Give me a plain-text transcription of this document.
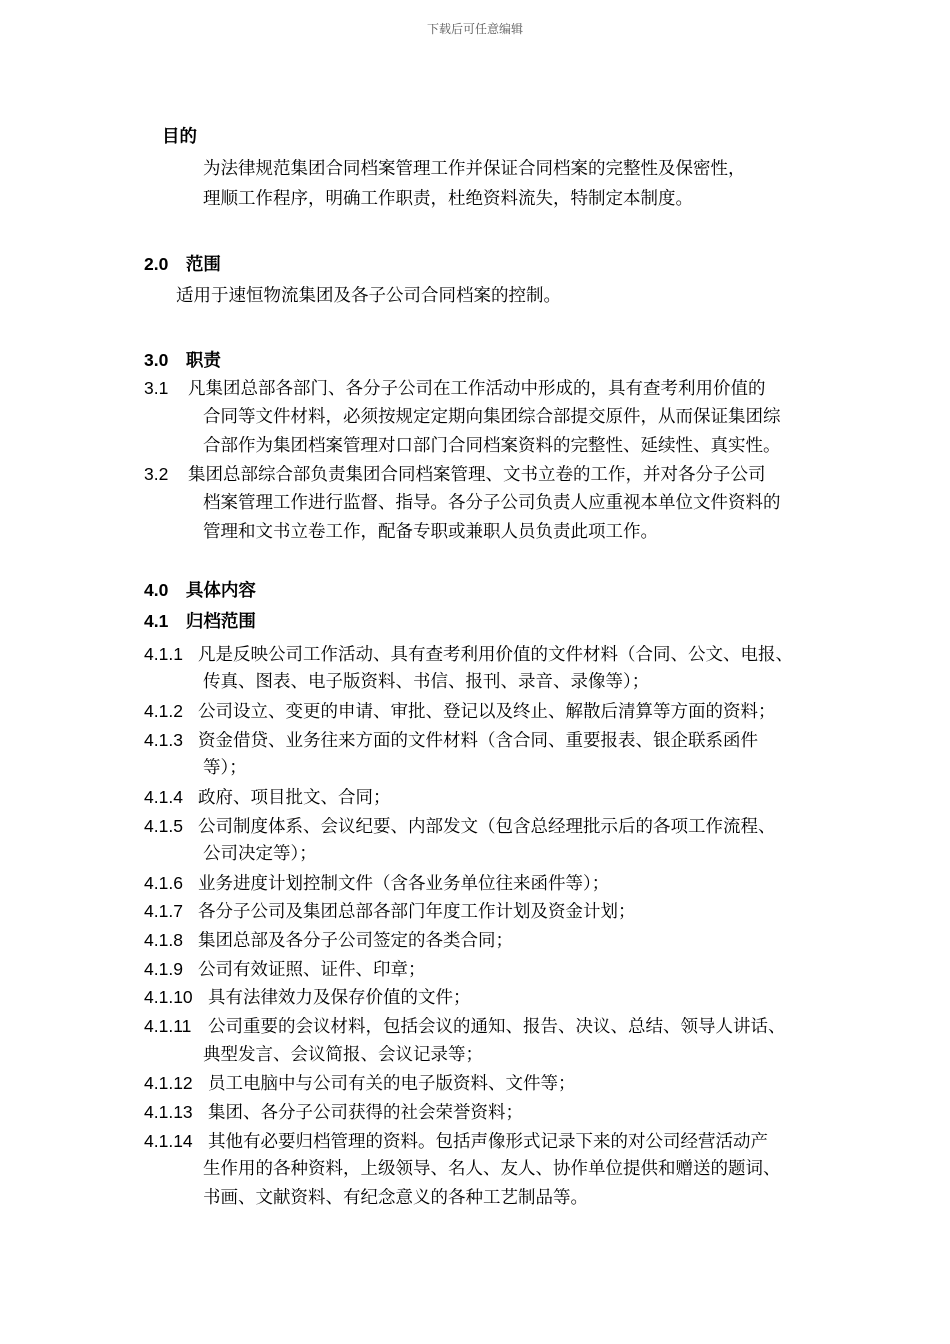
下载后可任意编辑
目的
为法律规范集团合同档案管理工作并保证合同档案的完整性及保密性，
理顺工作程序，明确工作职责，杜绝资料流失，特制定本制度。
2.0 范围
适用于速恒物流集团及各子公司合同档案的控制。
3.0 职责
3.1 凡集团总部各部门、各分子公司在工作活动中形成的，具有查考利用价值的
合同等文件材料，必须按规定定期向集团综合部提交原件，从而保证集团综
合部作为集团档案管理对口部门合同档案资料的完整性、延续性、真实性。
3.2 集团总部综合部负责集团合同档案管理、文书立卷的工作，并对各分子公司
档案管理工作进行监督、指导。各分子公司负责人应重视本单位文件资料的
管理和文书立卷工作，配备专职或兼职人员负责此项工作。
4.0 具体内容
4.1 归档范围
4.1.1 凡是反映公司工作活动、具有查考利用价值的文件材料（合同、公文、电报、
传真、图表、电子版资料、书信、报刊、录音、录像等）；
4.1.2 公司设立、变更的申请、审批、登记以及终止、解散后清算等方面的资料；
4.1.3 资金借贷、业务往来方面的文件材料（含合同、重要报表、银企联系函件
等）；
4.1.4 政府、项目批文、合同；
4.1.5 公司制度体系、会议纪要、内部发文（包含总经理批示后的各项工作流程、
公司决定等）；
4.1.6 业务进度计划控制文件（含各业务单位往来函件等）；
4.1.7 各分子公司及集团总部各部门年度工作计划及资金计划；
4.1.8 集团总部及各分子公司签定的各类合同；
4.1.9 公司有效证照、证件、印章；
4.1.10 具有法律效力及保存价值的文件；
4.1.11 公司重要的会议材料，包括会议的通知、报告、决议、总结、领导人讲话、
典型发言、会议简报、会议记录等；
4.1.12 员工电脑中与公司有关的电子版资料、文件等；
4.1.13 集团、各分子公司获得的社会荣誉资料；
4.1.14 其他有必要归档管理的资料。包括声像形式记录下来的对公司经营活动产
生作用的各种资料，上级领导、名人、友人、协作单位提供和赠送的题词、
书画、文献资料、有纪念意义的各种工艺制品等。
